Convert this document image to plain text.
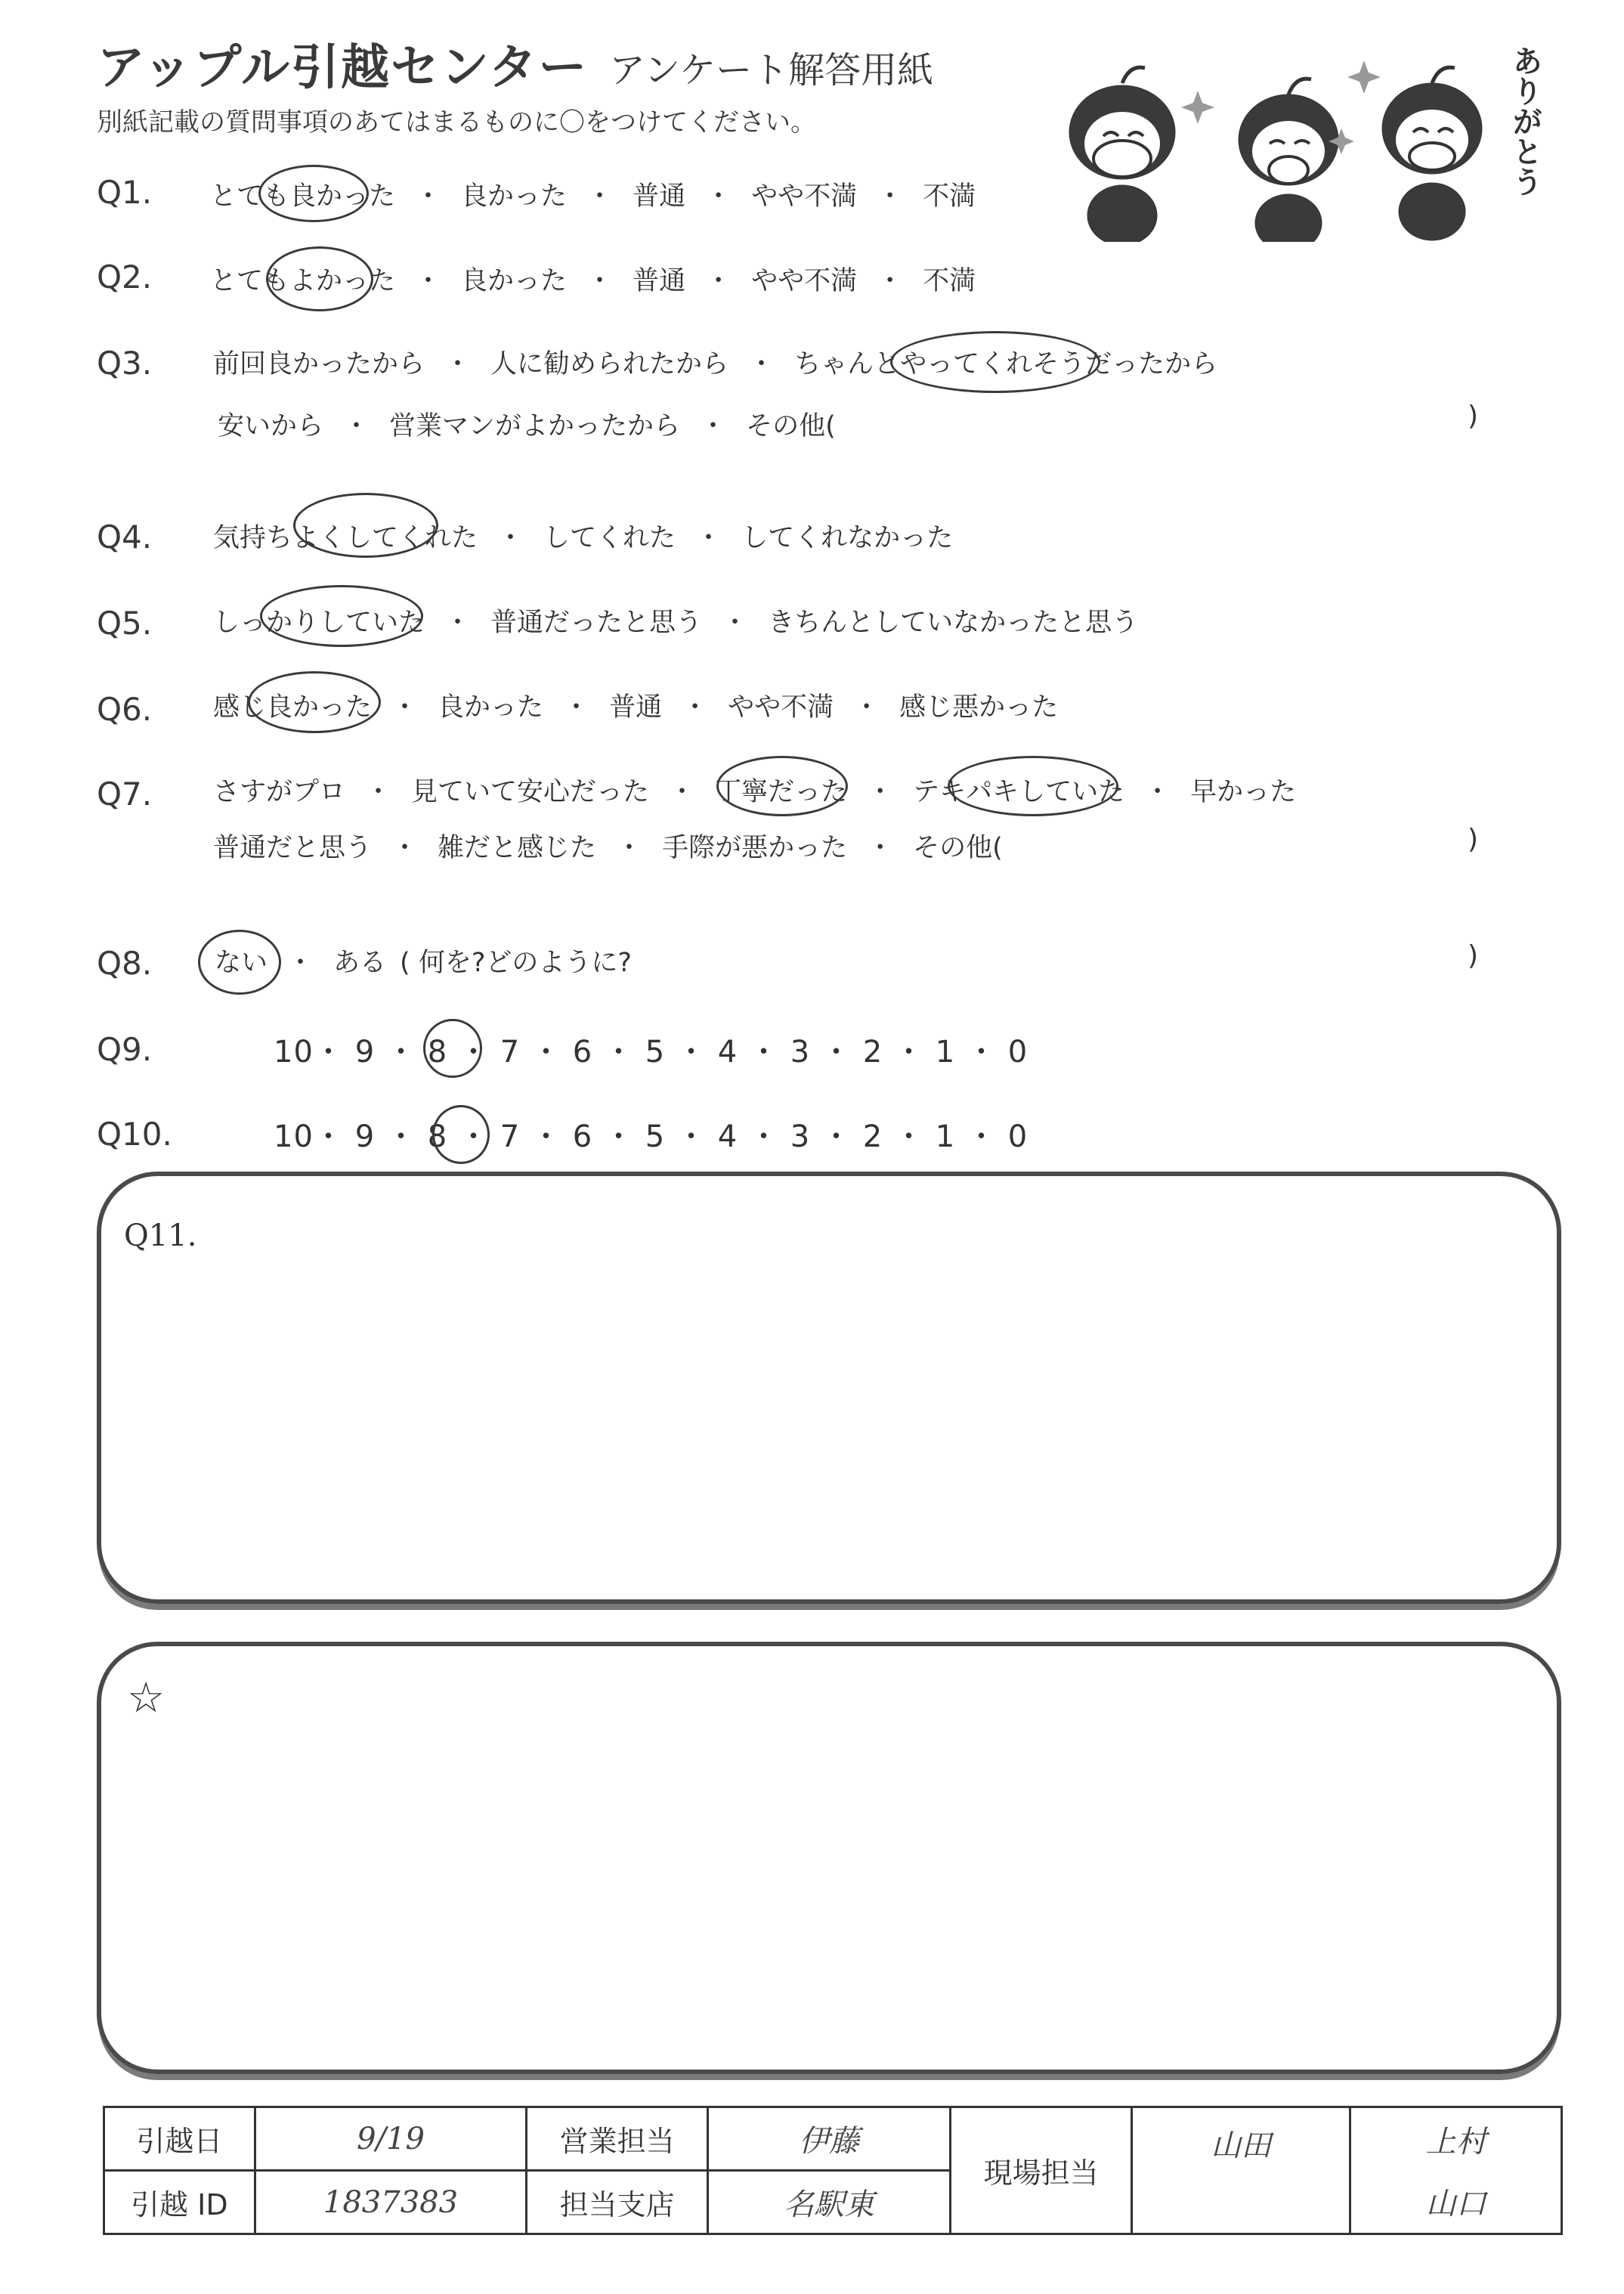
アップル引越センター アンケート解答用紙
別紙記載の質問事項のあてはまるものに〇をつけてください。	ありがとう
Q1. とても良かった ・ 良かった ・ 普通 ・ やや不満 ・ 不満
Q2. とてもよかった ・ 良かった ・ 普通 ・ やや不満 ・ 不満
Q3. 前回良かったから ・ 人に勧められたから ・ ちゃんとやってくれそうだったから
安いから ・ 営業マンがよかったから ・ その他(	)
Q4. 気持ちよくしてくれた ・ してくれた ・ してくれなかった
Q5. しっかりしていた ・ 普通だったと思う ・ きちんとしていなかったと思う
Q6. 感じ良かった ・ 良かった ・ 普通 ・ やや不満 ・ 感じ悪かった
Q7. さすがプロ ・ 見ていて安心だった ・ 丁寧だった ・ テキパキしていた ・ 早かった
普通だと思う ・ 雑だと感じた ・ 手際が悪かった ・ その他(	)
Q8. ない ・ ある ( 何を?どのように?	)
Q9.	10・ 9 ・ 8 ・ 7 ・ 6 ・ 5 ・ 4 ・ 3 ・ 2 ・ 1 ・ 0
Q10.	10・ 9 ・ 8 ・ 7 ・ 6 ・ 5 ・ 4 ・ 3 ・ 2 ・ 1 ・ 0
Q11.
☆
引越日	9/19	営業担当	伊藤	現場担当	山田	上村
引越 ID	1837383	担当支店	名駅東			山口
